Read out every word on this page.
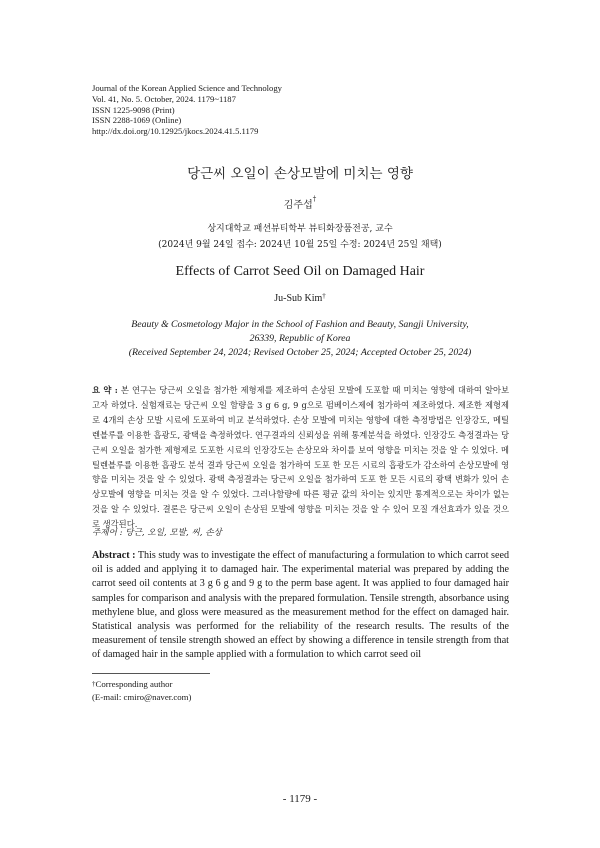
Journal of the Korean Applied Science and Technology
Vol. 41, No. 5. October, 2024. 1179~1187
ISSN 1225-9098 (Print)
ISSN 2288-1069 (Online)
http://dx.doi.org/10.12925/jkocs.2024.41.5.1179
당근씨 오일이 손상모발에 미치는 영향
김주섭†
상지대학교 패션뷰티학부 뷰티화장품전공, 교수
(2024년 9월 24일 접수: 2024년 10월 25일 수정: 2024년 25일 채택)
Effects of Carrot Seed Oil on Damaged Hair
Ju-Sub Kim†
Beauty & Cosmetology Major in the School of Fashion and Beauty, Sangji University,
26339, Republic of Korea
(Received September 24, 2024; Revised October 25, 2024; Accepted October 25, 2024)
요 약 : 본 연구는 당근씨 오일을 첨가한 제형제를 제조하여 손상된 모발에 도포할 때 미치는 영향에 대하여 알아보고자 하였다. 실험재료는 당근씨 오일 함량을 3 g 6 g, 9 g으로 펌베이스제에 첨가하여 제조하였다. 제조한 제형제로 4개의 손상 모발 시료에 도포하여 비교 분석하였다. 손상 모발에 미치는 영향에 대한 측정방법은 인장강도, 메틸렌블루를 이용한 흡광도, 광택을 측정하였다. 연구결과의 신뢰성을 위해 통계분석을 하였다. 인장강도 측정결과는 당근씨 오일을 첨가한 제형제로 도포한 시료의 인장강도는 손상모와 차이를 보여 영향을 미치는 것을 알 수 있었다. 메틸렌블루를 이용한 흡광도 분석 결과 당근씨 오일을 첨가하여 도포 한 모든 시료의 흡광도가 감소하여 손상모발에 영향을 미치는 것을 알 수 있었다. 광택 측정결과는 당근씨 오일을 첨가하여 도포 한 모든 시료의 광택 변화가 있어 손상모발에 영향을 미치는 것을 알 수 있었다. 그러나함량에 따른 평균 값의 차이는 있지만 통계적으로는 차이가 없는 것을 알 수 있었다. 결론은 당근씨 오일이 손상된 모발에 영향을 미치는 것을 알 수 있어 모질 개선효과가 있을 것으로 생각된다.
주제어 : 당근, 오일, 모발, 씨, 손상
Abstract : This study was to investigate the effect of manufacturing a formulation to which carrot seed oil is added and applying it to damaged hair. The experimental material was prepared by adding the carrot seed oil contents at 3 g 6 g and 9 g to the perm base agent. It was applied to four damaged hair samples for comparison and analysis with the prepared formulation. Tensile strength, absorbance using methylene blue, and gloss were measured as the measurement method for the effect on damaged hair. Statistical analysis was performed for the reliability of the research results. The results of the measurement of tensile strength showed an effect by showing a difference in tensile strength from that of damaged hair in the sample applied with a formulation to which carrot seed oil
†Corresponding author
(E-mail: cmiro@naver.com)
- 1179 -
